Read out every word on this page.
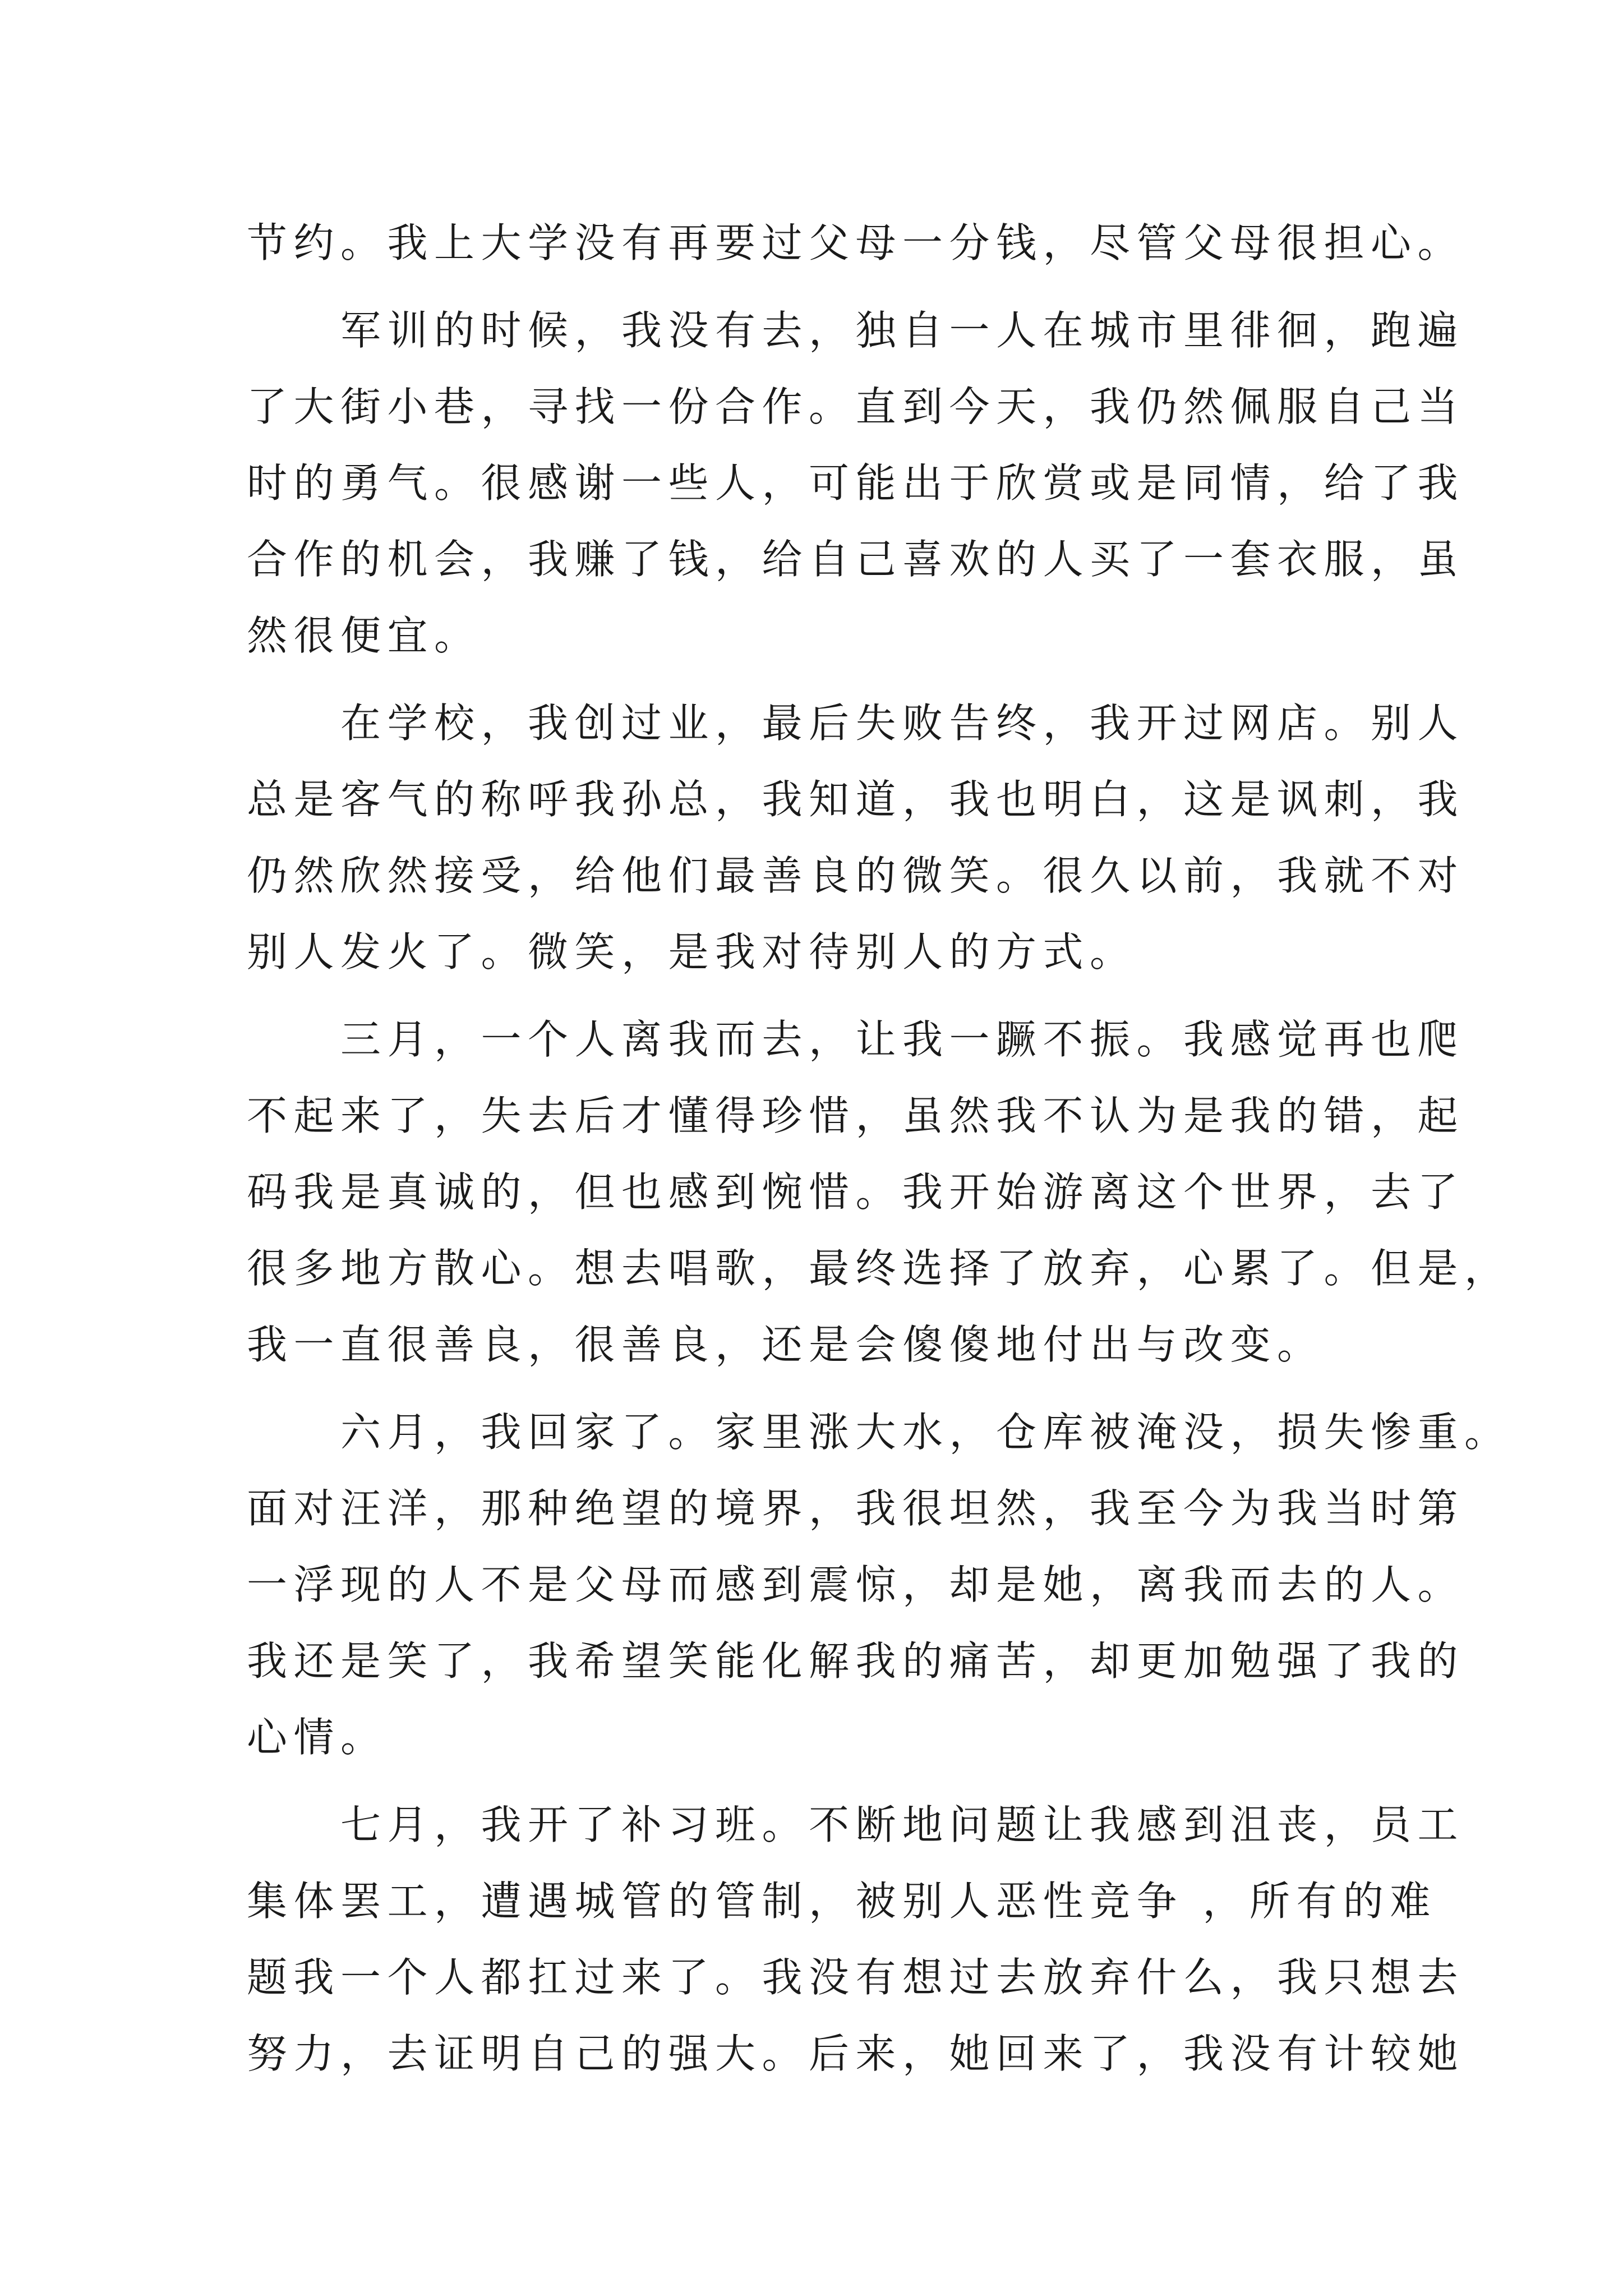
节约。我上大学没有再要过父母一分钱，尽管父母很担心。
军训的时候，我没有去，独自一人在城市里徘徊，跑遍
了大街小巷，寻找一份合作。直到今天，我仍然佩服自己当
时的勇气。很感谢一些人，可能出于欣赏或是同情，给了我
合作的机会，我赚了钱，给自己喜欢的人买了一套衣服，虽
然很便宜。
在学校，我创过业，最后失败告终，我开过网店。别人
总是客气的称呼我孙总，我知道，我也明白，这是讽刺，我
仍然欣然接受，给他们最善良的微笑。很久以前，我就不对
别人发火了。微笑，是我对待别人的方式。
三月，一个人离我而去，让我一蹶不振。我感觉再也爬
不起来了，失去后才懂得珍惜，虽然我不认为是我的错，起
码我是真诚的，但也感到惋惜。我开始游离这个世界，去了
很多地方散心。想去唱歌，最终选择了放弃，心累了。但是，
我一直很善良，很善良，还是会傻傻地付出与改变。
六月，我回家了。家里涨大水，仓库被淹没，损失惨重。
面对汪洋，那种绝望的境界，我很坦然，我至今为我当时第
一浮现的人不是父母而感到震惊，却是她，离我而去的人。
我还是笑了，我希望笑能化解我的痛苦，却更加勉强了我的
心情。
七月，我开了补习班。不断地问题让我感到沮丧，员工
集体罢工，遭遇城管的管制，被别人恶性竞争 ，所有的难
题我一个人都扛过来了。我没有想过去放弃什么，我只想去
努力，去证明自己的强大。后来，她回来了，我没有计较她
